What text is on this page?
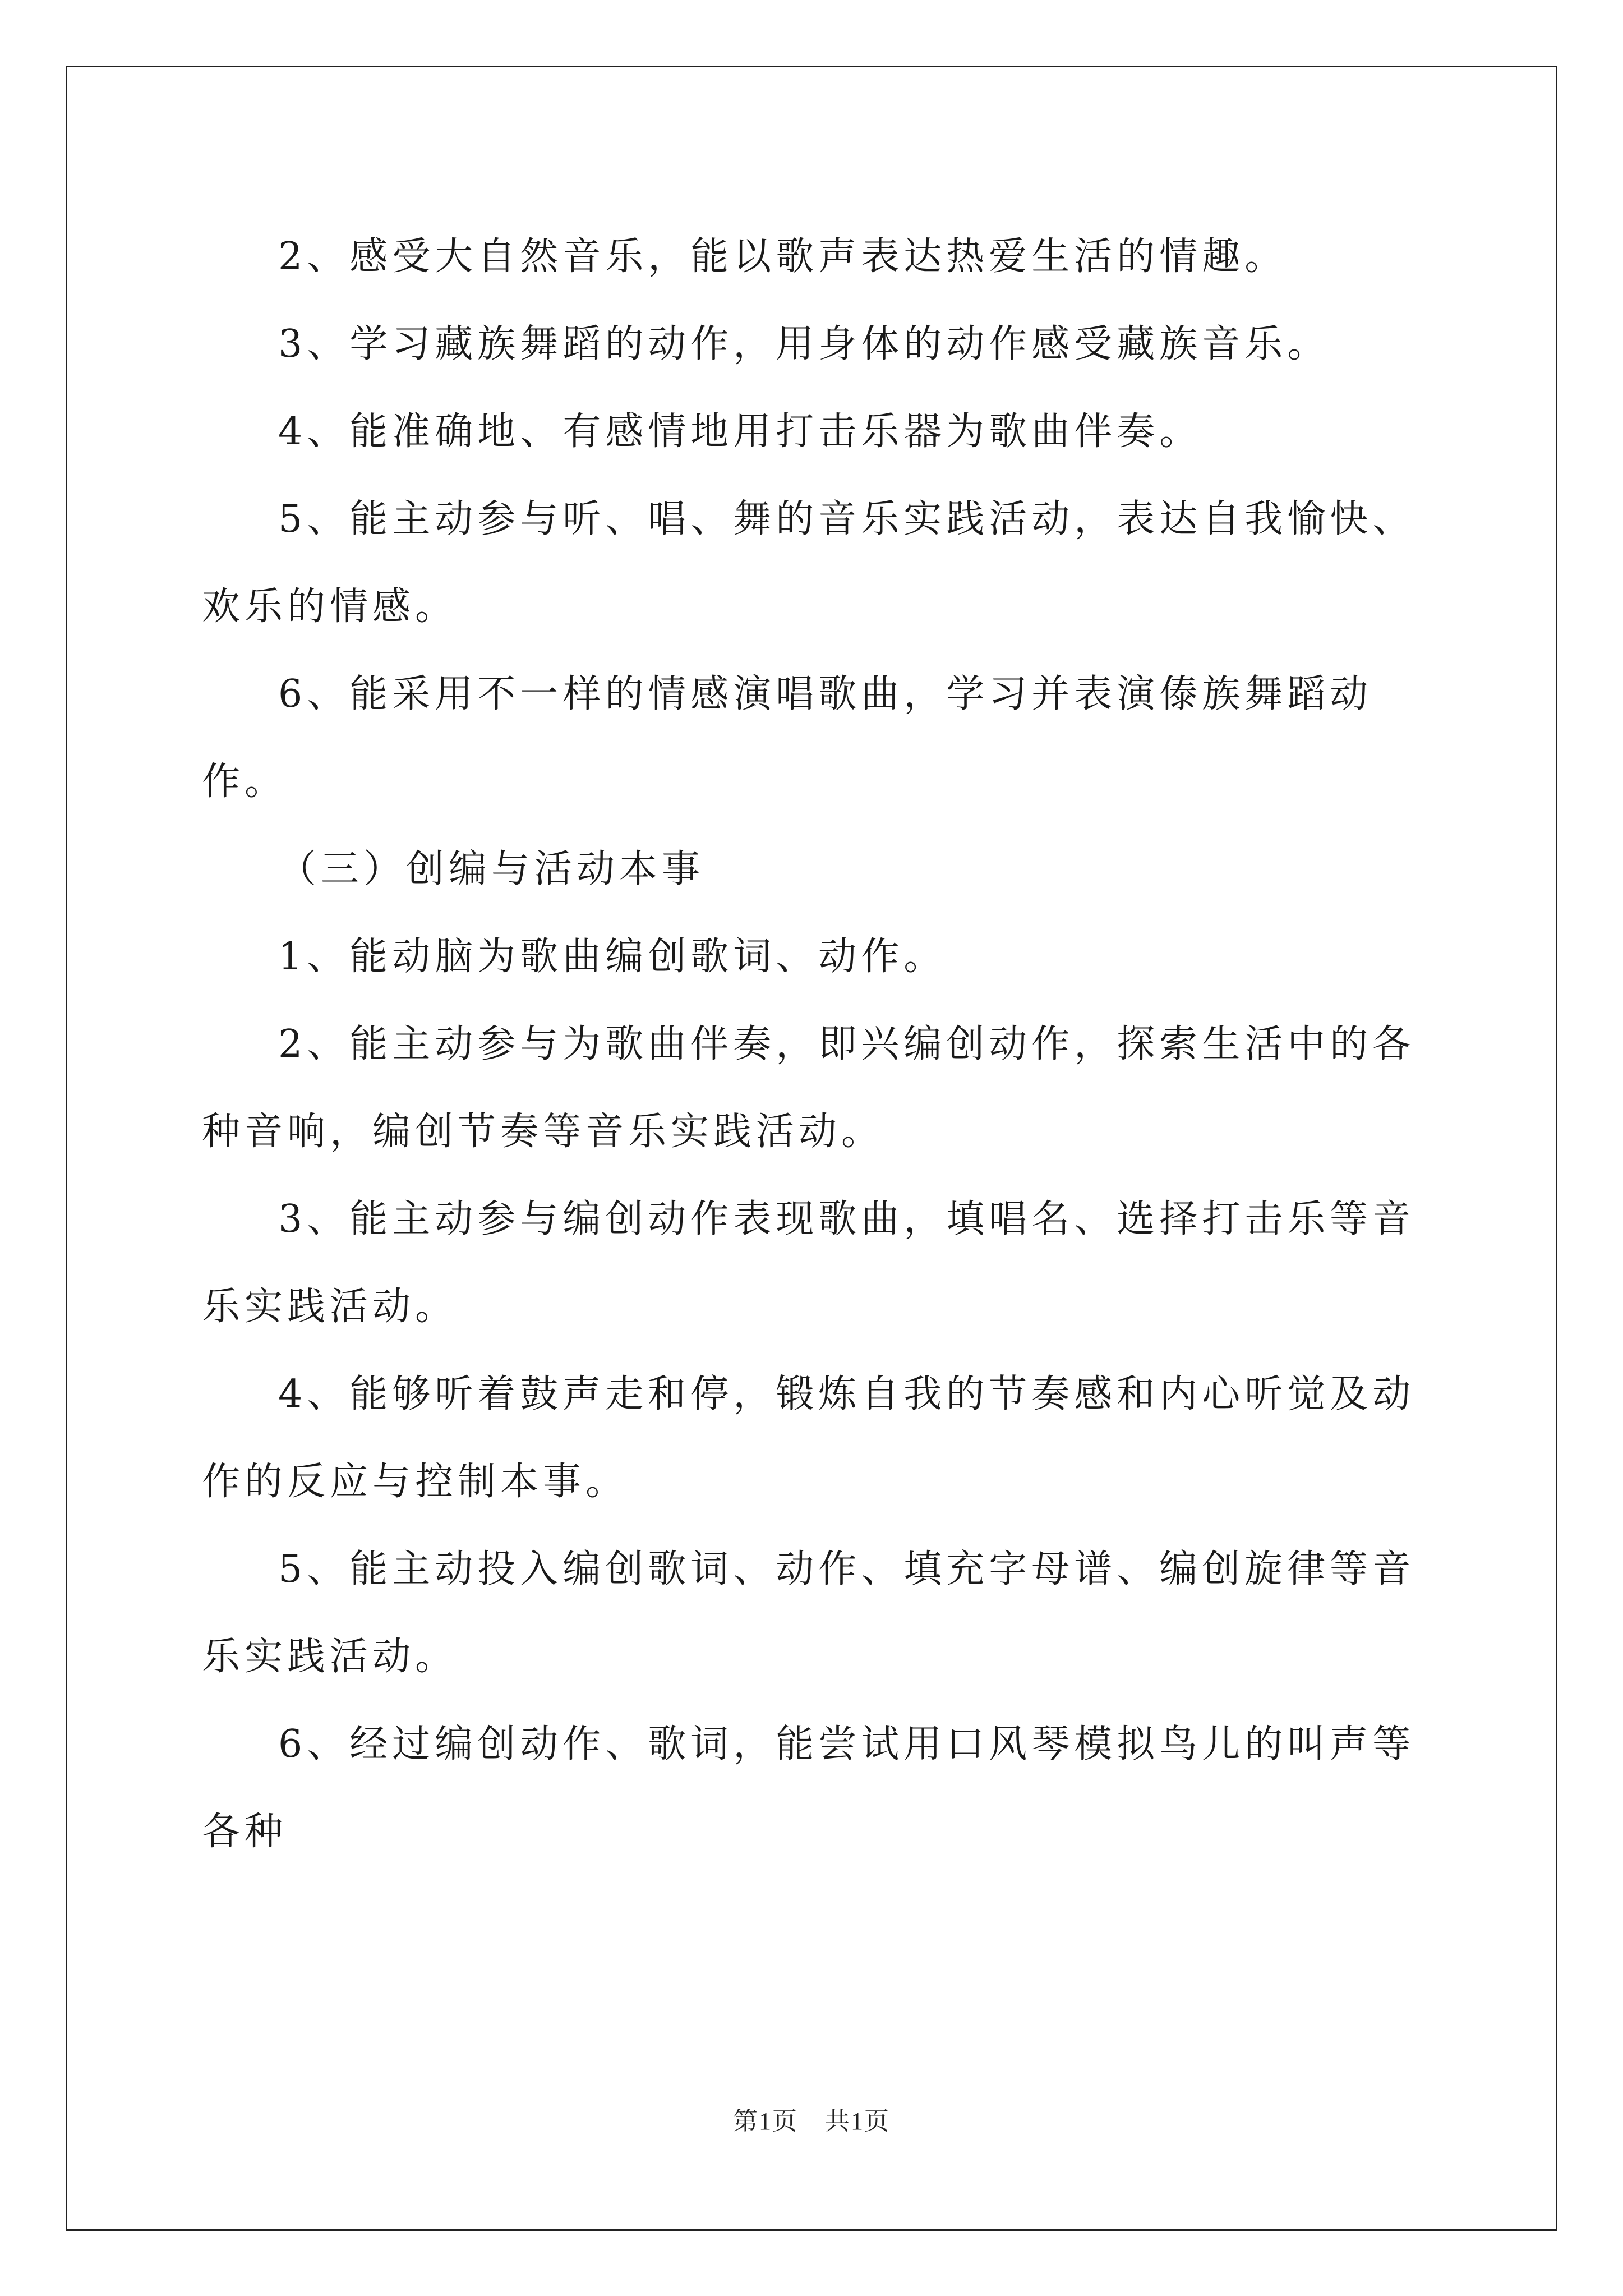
2、感受大自然音乐，能以歌声表达热爱生活的情趣。

3、学习藏族舞蹈的动作，用身体的动作感受藏族音乐。

4、能准确地、有感情地用打击乐器为歌曲伴奏。

5、能主动参与听、唱、舞的音乐实践活动，表达自我愉快、欢乐的情感。

6、能采用不一样的情感演唱歌曲，学习并表演傣族舞蹈动作。

（三）创编与活动本事

1、能动脑为歌曲编创歌词、动作。

2、能主动参与为歌曲伴奏，即兴编创动作，探索生活中的各种音响，编创节奏等音乐实践活动。

3、能主动参与编创动作表现歌曲，填唱名、选择打击乐等音乐实践活动。

4、能够听着鼓声走和停，锻炼自我的节奏感和内心听觉及动作的反应与控制本事。

5、能主动投入编创歌词、动作、填充字母谱、编创旋律等音乐实践活动。

6、经过编创动作、歌词，能尝试用口风琴模拟鸟儿的叫声等各种

第1页 共1页
